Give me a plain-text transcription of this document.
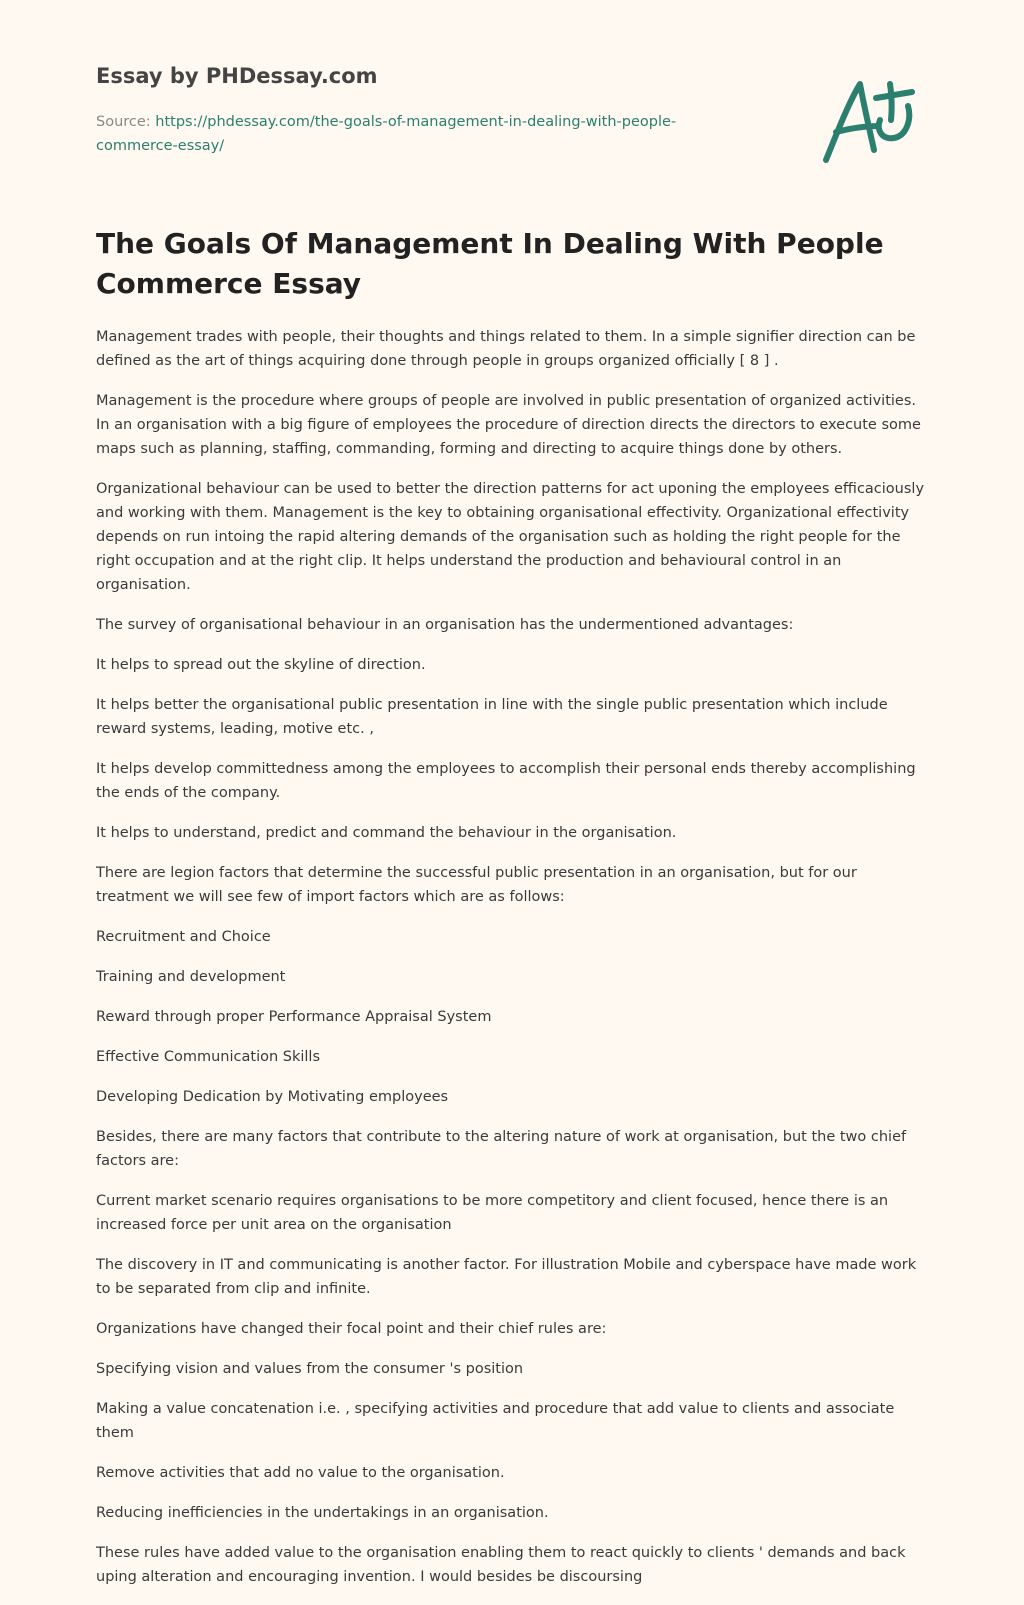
Essay by PHDessay.com
Source: https://phdessay.com/the-goals-of-management-in-dealing-with-people-commerce-essay/
The Goals Of Management In Dealing With People Commerce Essay

Management trades with people, their thoughts and things related to them. In a simple signifier direction can be defined as the art of things acquiring done through people in groups organized officially [ 8 ] .

Management is the procedure where groups of people are involved in public presentation of organized activities. In an organisation with a big figure of employees the procedure of direction directs the directors to execute some maps such as planning, staffing, commanding, forming and directing to acquire things done by others.

Organizational behaviour can be used to better the direction patterns for act uponing the employees efficaciously and working with them. Management is the key to obtaining organisational effectivity. Organizational effectivity depends on run intoing the rapid altering demands of the organisation such as holding the right people for the right occupation and at the right clip. It helps understand the production and behavioural control in an organisation.

The survey of organisational behaviour in an organisation has the undermentioned advantages:

It helps to spread out the skyline of direction.

It helps better the organisational public presentation in line with the single public presentation which include reward systems, leading, motive etc. ,

It helps develop committedness among the employees to accomplish their personal ends thereby accomplishing the ends of the company.

It helps to understand, predict and command the behaviour in the organisation.

There are legion factors that determine the successful public presentation in an organisation, but for our treatment we will see few of import factors which are as follows:

Recruitment and Choice

Training and development

Reward through proper Performance Appraisal System

Effective Communication Skills

Developing Dedication by Motivating employees

Besides, there are many factors that contribute to the altering nature of work at organisation, but the two chief factors are:

Current market scenario requires organisations to be more competitory and client focused, hence there is an increased force per unit area on the organisation

The discovery in IT and communicating is another factor. For illustration Mobile and cyberspace have made work to be separated from clip and infinite.

Organizations have changed their focal point and their chief rules are:

Specifying vision and values from the consumer 's position

Making a value concatenation i.e. , specifying activities and procedure that add value to clients and associate them

Remove activities that add no value to the organisation.

Reducing inefficiencies in the undertakings in an organisation.

These rules have added value to the organisation enabling them to react quickly to clients ' demands and back uping alteration and encouraging invention. I would besides be discoursing
